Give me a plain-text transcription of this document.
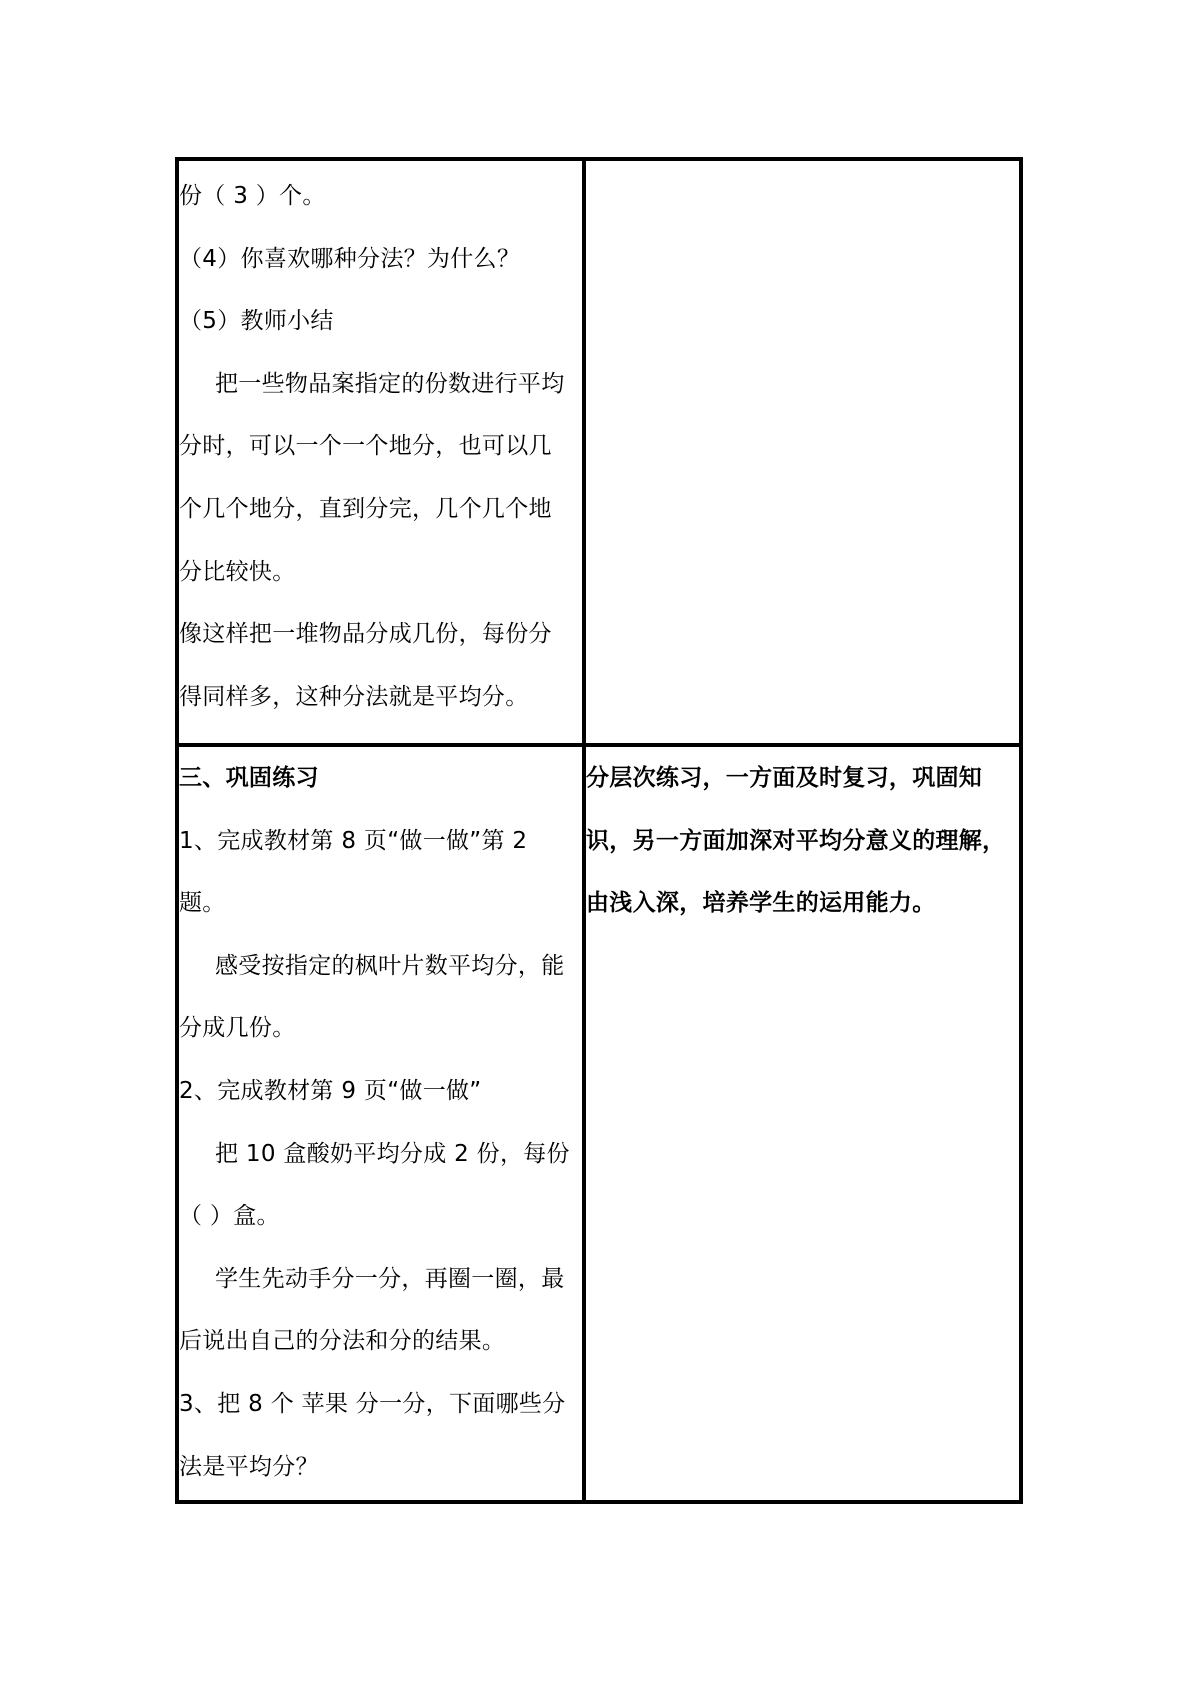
份（ 3 ）个。
（4）你喜欢哪种分法？为什么？
（5）教师小结
把一些物品案指定的份数进行平均
分时，可以一个一个地分，也可以几
个几个地分，直到分完，几个几个地
分比较快。
像这样把一堆物品分成几份，每份分
得同样多，这种分法就是平均分。
三、巩固练习
1、完成教材第 8 页“做一做”第 2
题。
感受按指定的枫叶片数平均分，能
分成几份。
2、完成教材第 9 页“做一做”
把 10 盒酸奶平均分成 2 份，每份
（ ）盒。
学生先动手分一分，再圈一圈，最
后说出自己的分法和分的结果。
3、把 8 个 苹果 分一分，下面哪些分
法是平均分？
分层次练习，一方面及时复习，巩固知
识，另一方面加深对平均分意义的理解，
由浅入深，培养学生的运用能力。
